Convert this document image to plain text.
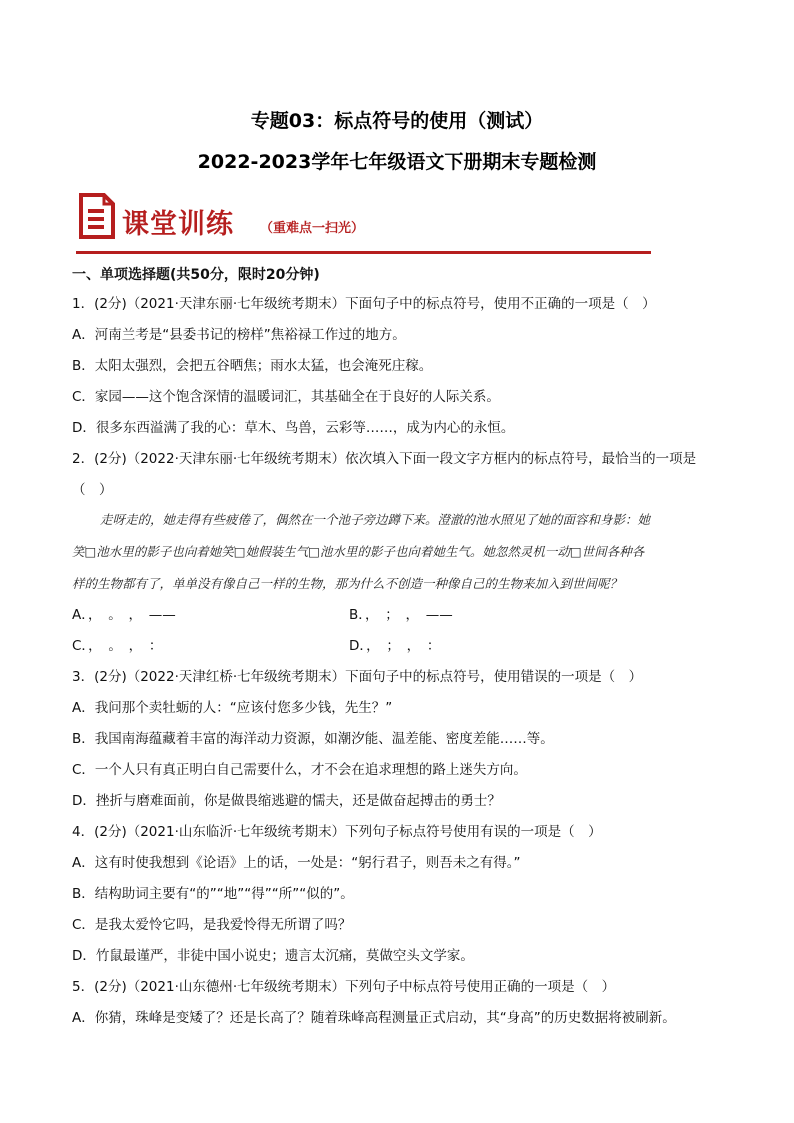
专题03：标点符号的使用（测试）
2022-2023学年七年级语文下册期末专题检测
课堂训练 （重难点一扫光）
一、单项选择题(共50分，限时20分钟)
1．(2分)（2021·天津东丽·七年级统考期末）下面句子中的标点符号，使用不正确的一项是（　）
A．河南兰考是“县委书记的榜样”焦裕禄工作过的地方。
B．太阳太强烈，会把五谷晒焦；雨水太猛，也会淹死庄稼。
C．家园——这个饱含深情的温暖词汇，其基础全在于良好的人际关系。
D．很多东西溢满了我的心：草木、鸟兽，云彩等……，成为内心的永恒。
2．(2分)（2022·天津东丽·七年级统考期末）依次填入下面一段文字方框内的标点符号，最恰当的一项是
（　）
走呀走的，她走得有些疲倦了，偶然在一个池子旁边蹲下来。澄澈的池水照见了她的面容和身影：她
笑□池水里的影子也向着她笑□她假装生气□池水里的影子也向着她生气。她忽然灵机一动□世间各种各
样的生物都有了，单单没有像自己一样的生物，那为什么不创造一种像自己的生物来加入到世间呢？
A．，　。　，　——	B．，　；　，　——
C．，　。　，　：	D．，　；　，　：
3．(2分)（2022·天津红桥·七年级统考期末）下面句子中的标点符号，使用错误的一项是（　）
A．我问那个卖牡蛎的人：“应该付您多少钱，先生？”
B．我国南海蕴藏着丰富的海洋动力资源，如潮汐能、温差能、密度差能……等。
C．一个人只有真正明白自己需要什么，才不会在追求理想的路上迷失方向。
D．挫折与磨难面前，你是做畏缩逃避的懦夫，还是做奋起搏击的勇士？
4．(2分)（2021·山东临沂·七年级统考期末）下列句子标点符号使用有误的一项是（　）
A．这有时使我想到《论语》上的话，一处是：“躬行君子，则吾未之有得。”
B．结构助词主要有“的”“地”“得”“所”“似的”。
C．是我太爱怜它吗，是我爱怜得无所谓了吗？
D．竹鼠最谨严，非徒中国小说史；遗言太沉痛，莫做空头文学家。
5．(2分)（2021·山东德州·七年级统考期末）下列句子中标点符号使用正确的一项是（　）
A．你猜，珠峰是变矮了？还是长高了？随着珠峰高程测量正式启动，其“身高”的历史数据将被刷新。
